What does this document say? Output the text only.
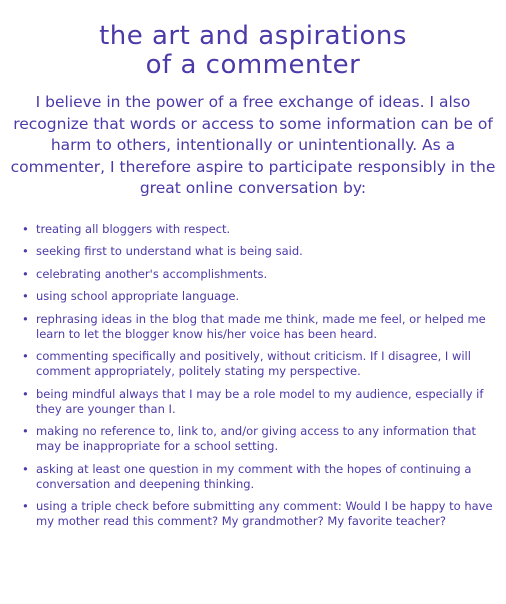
the art and aspirations
of a commenter

I believe in the power of a free exchange of ideas. I also recognize that words or access to some information can be of harm to others, intentionally or unintentionally. As a commenter, I therefore aspire to participate responsibly in the great online conversation by:

• treating all bloggers with respect.
• seeking first to understand what is being said.
• celebrating another's accomplishments.
• using school appropriate language.
• rephrasing ideas in the blog that made me think, made me feel, or helped me learn to let the blogger know his/her voice has been heard.
• commenting specifically and positively, without criticism. If I disagree, I will comment appropriately, politely stating my perspective.
• being mindful always that I may be a role model to my audience, especially if they are younger than I.
• making no reference to, link to, and/or giving access to any information that may be inappropriate for a school setting.
• asking at least one question in my comment with the hopes of continuing a conversation and deepening thinking.
• using a triple check before submitting any comment: Would I be happy to have my mother read this comment? My grandmother? My favorite teacher?
